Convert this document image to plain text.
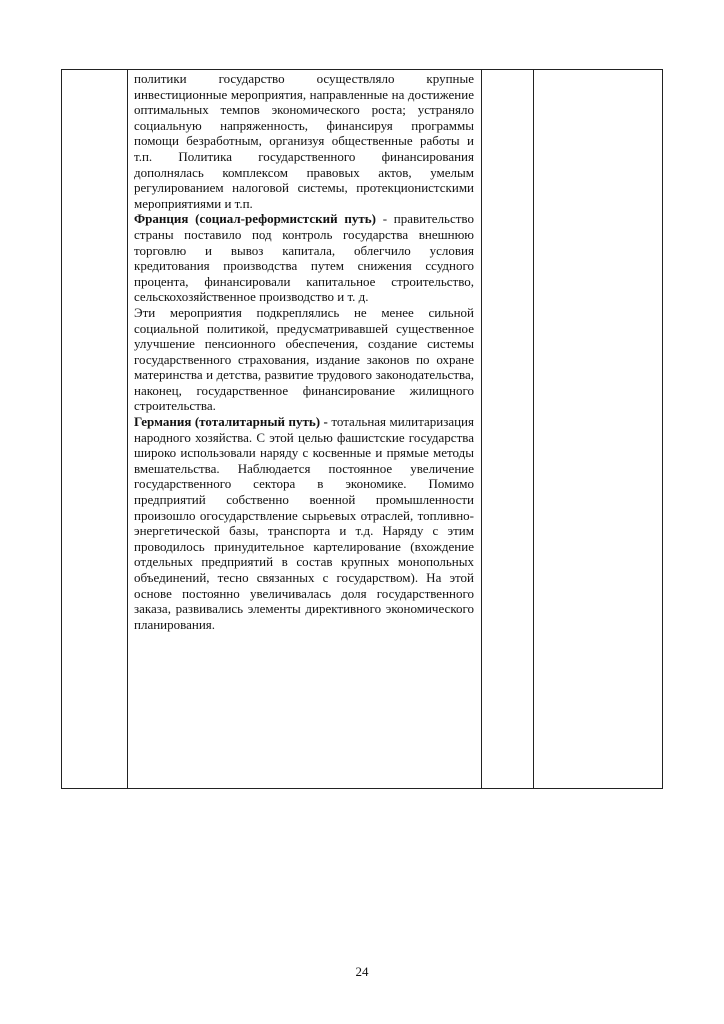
политики государство осуществляло крупные инвестиционные мероприятия, направленные на достижение оптимальных темпов экономического роста; устраняло социальную напряженность, финансируя программы помощи безработным, организуя общественные работы и т.п. Политика государственного финансирования дополнялась комплексом правовых актов, умелым регулированием налоговой системы, протекционистскими мероприятиями и т.п.

Франция (социал-реформистский путь) - правительство страны поставило под контроль государства внешнюю торговлю и вывоз капитала, облегчило условия кредитования производства путем снижения ссудного процента, финансировали капитальное строительство, сельскохозяйственное производство и т. д.

Эти мероприятия подкреплялись не менее сильной социальной политикой, предусматривавшей существенное улучшение пенсионного обеспечения, создание системы государственного страхования, издание законов по охране материнства и детства, развитие трудового законодательства, наконец, государственное финансирование жилищного строительства.

Германия (тоталитарный путь) - тотальная милитаризация народного хозяйства. С этой целью фашистские государства широко использовали наряду с косвенные и прямые методы вмешательства. Наблюдается постоянное увеличение государственного сектора в экономике. Помимо предприятий собственно военной промышленности произошло огосударствление сырьевых отраслей, топливно-энергетической базы, транспорта и т.д. Наряду с этим проводилось принудительное картелирование (вхождение отдельных предприятий в состав крупных монопольных объединений, тесно связанных с государством). На этой основе постоянно увеличивалась доля государственного заказа, развивались элементы директивного экономического планирования.

24
